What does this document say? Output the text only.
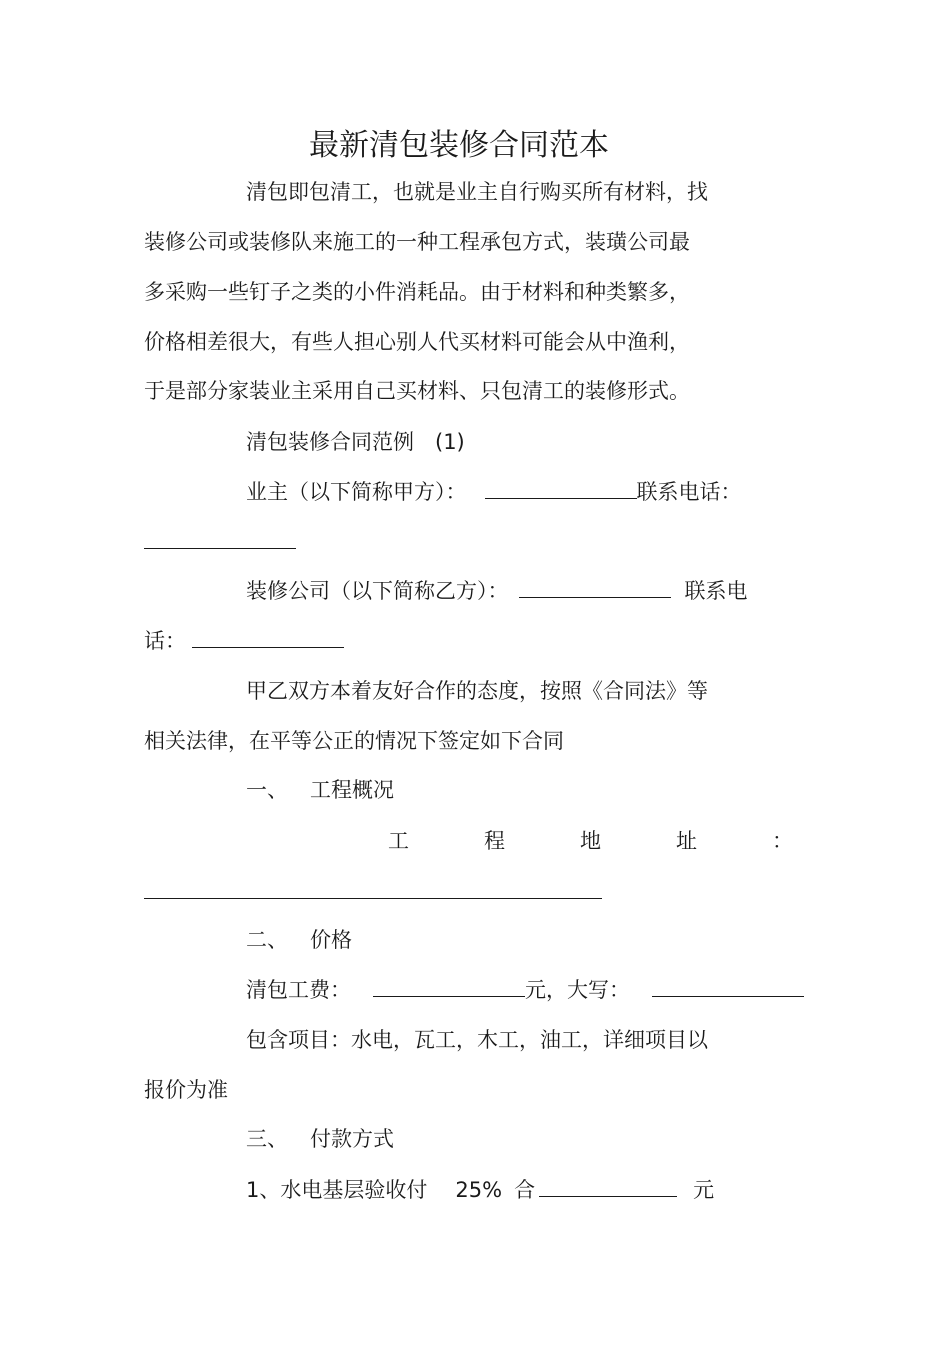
最新清包装修合同范本
清包即包清工，也就是业主自行购买所有材料，找
装修公司或装修队来施工的一种工程承包方式，装璜公司最
多采购一些钉子之类的小件消耗品。由于材料和种类繁多，
价格相差很大，有些人担心别人代买材料可能会从中渔利，
于是部分家装业主采用自己买材料、只包清工的装修形式。
清包装修合同范例　(1)
业主（以下简称甲方）：	联系电话：
装修公司（以下简称乙方）：	联系电
话：
甲乙双方本着友好合作的态度，按照《合同法》等
相关法律，在平等公正的情况下签定如下合同
一、 工程概况
工	程	地	址	：
二、 价格
清包工费：	元，大写：
包含项目：水电，瓦工，木工，油工，详细项目以
报价为准
三、 付款方式
1、水电基层验收付 25% 合	元
